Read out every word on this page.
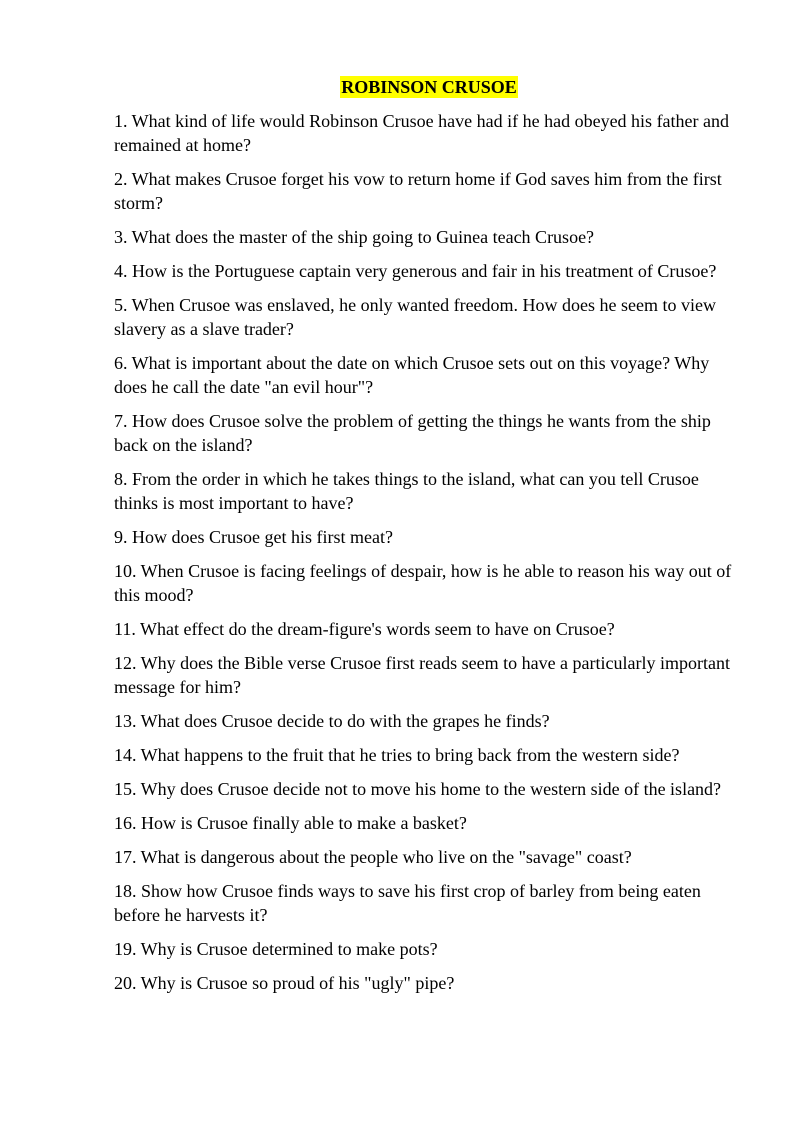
ROBINSON CRUSOE
1. What kind of life would Robinson Crusoe have had if he had obeyed his father and remained at home?
2. What makes Crusoe forget his vow to return home if God saves him from the first storm?
3. What does the master of the ship going to Guinea teach Crusoe?
4. How is the Portuguese captain very generous and fair in his treatment of Crusoe?
5. When Crusoe was enslaved, he only wanted freedom. How does he seem to view slavery as a slave trader?
6. What is important about the date on which Crusoe sets out on this voyage? Why does he call the date "an evil hour"?
7. How does Crusoe solve the problem of getting the things he wants from the ship back on the island?
8. From the order in which he takes things to the island, what can you tell Crusoe thinks is most important to have?
9. How does Crusoe get his first meat?
10. When Crusoe is facing feelings of despair, how is he able to reason his way out of this mood?
11. What effect do the dream-figure's words seem to have on Crusoe?
12. Why does the Bible verse Crusoe first reads seem to have a particularly important message for him?
13. What does Crusoe decide to do with the grapes he finds?
14. What happens to the fruit that he tries to bring back from the western side?
15. Why does Crusoe decide not to move his home to the western side of the island?
16. How is Crusoe finally able to make a basket?
17. What is dangerous about the people who live on the "savage" coast?
18. Show how Crusoe finds ways to save his first crop of barley from being eaten before he harvests it?
19. Why is Crusoe determined to make pots?
20. Why is Crusoe so proud of his "ugly" pipe?
